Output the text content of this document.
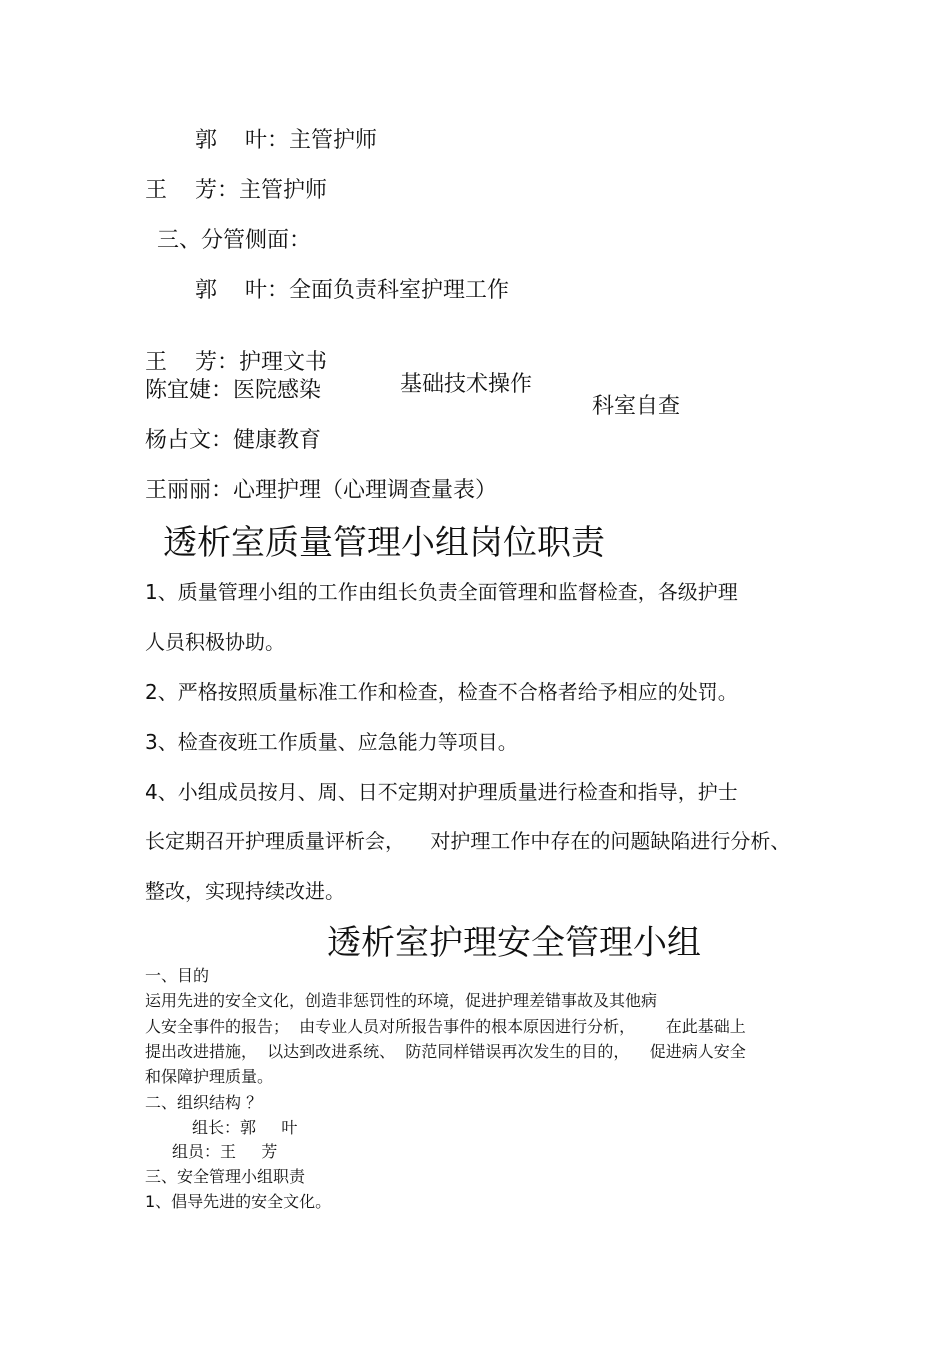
郭    叶：主管护师
王    芳：主管护师
三、分管侧面：
郭    叶：全面负责科室护理工作

王    芳：护理文书

基础技术操作

科室自查

陈宜婕：医院感染
杨占文：健康教育
王丽丽：心理护理（心理调查量表）
透析室质量管理小组岗位职责
1、质量管理小组的工作由组长负责全面管理和监督检查，各级护理
人员积极协助。
2、严格按照质量标准工作和检查，检查不合格者给予相应的处罚。
3、检查夜班工作质量、应急能力等项目。
4、小组成员按月、周、日不定期对护理质量进行检查和指导，护士
长定期召开护理质量评析会，    对护理工作中存在的问题缺陷进行分析、
整改，实现持续改进。
透析室护理安全管理小组
一、目的
运用先进的安全文化，创造非惩罚性的环境，促进护理差错事故及其他病
人安全事件的报告；  由专业人员对所报告事件的根本原因进行分析，      在此基础上
提出改进措施，  以达到改进系统、  防范同样错误再次发生的目的，    促进病人安全
和保障护理质量。
二、组织结构 ？
组长：郭     叶
组员：王     芳
三、安全管理小组职责
1、倡导先进的安全文化。
